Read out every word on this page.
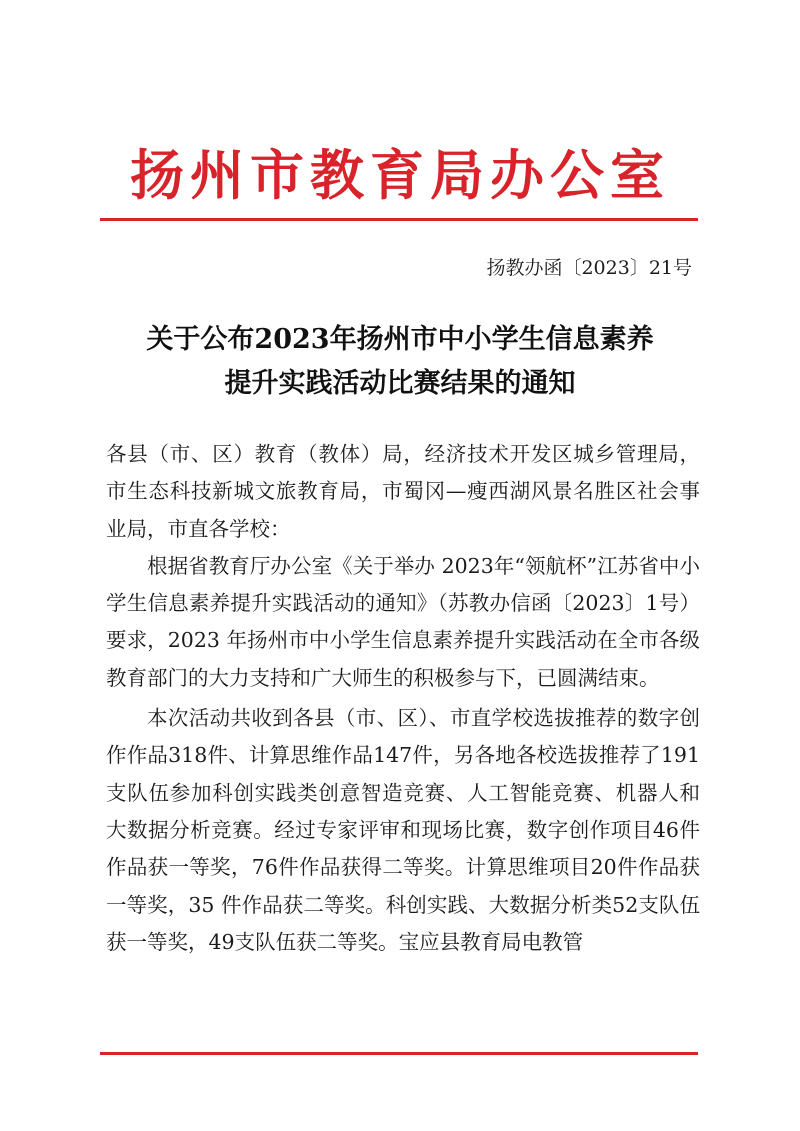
扬州市教育局办公室
扬教办函〔2023〕21号
关于公布2023年扬州市中小学生信息素养
提升实践活动比赛结果的通知

各县（市、区）教育（教体）局，经济技术开发区城乡管理局，市生态科技新城文旅教育局，市蜀冈—瘦西湖风景名胜区社会事业局，市直各学校：

根据省教育厅办公室《关于举办 2023年“领航杯”江苏省中小学生信息素养提升实践活动的通知》（苏教办信函〔2023〕1号）要求，2023 年扬州市中小学生信息素养提升实践活动在全市各级教育部门的大力支持和广大师生的积极参与下，已圆满结束。

本次活动共收到各县（市、区）、市直学校选拔推荐的数字创作作品318件、计算思维作品147件，另各地各校选拔推荐了191支队伍参加科创实践类创意智造竞赛、人工智能竞赛、机器人和大数据分析竞赛。经过专家评审和现场比赛，数字创作项目46件作品获一等奖，76件作品获得二等奖。计算思维项目20件作品获一等奖，35 件作品获二等奖。科创实践、大数据分析类52支队伍获一等奖，49支队伍获二等奖。宝应县教育局电教管
